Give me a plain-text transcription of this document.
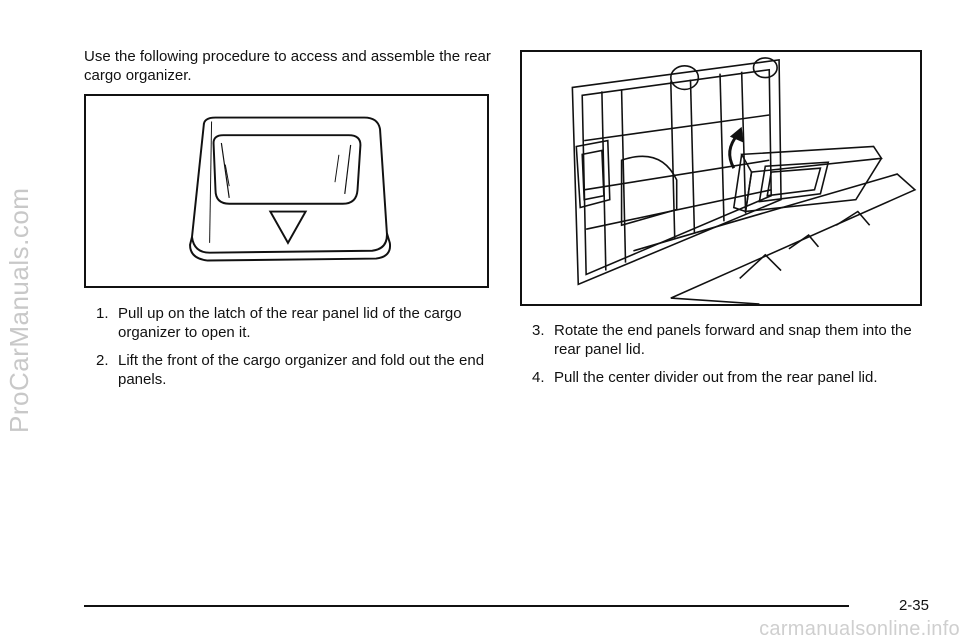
ProCarManuals.com

Use the following procedure to access and assemble the rear cargo organizer.

1. Pull up on the latch of the rear panel lid of the cargo organizer to open it.
2. Lift the front of the cargo organizer and fold out the end panels.
3. Rotate the end panels forward and snap them into the rear panel lid.
4. Pull the center divider out from the rear panel lid.
2-35
carmanualsonline.info
